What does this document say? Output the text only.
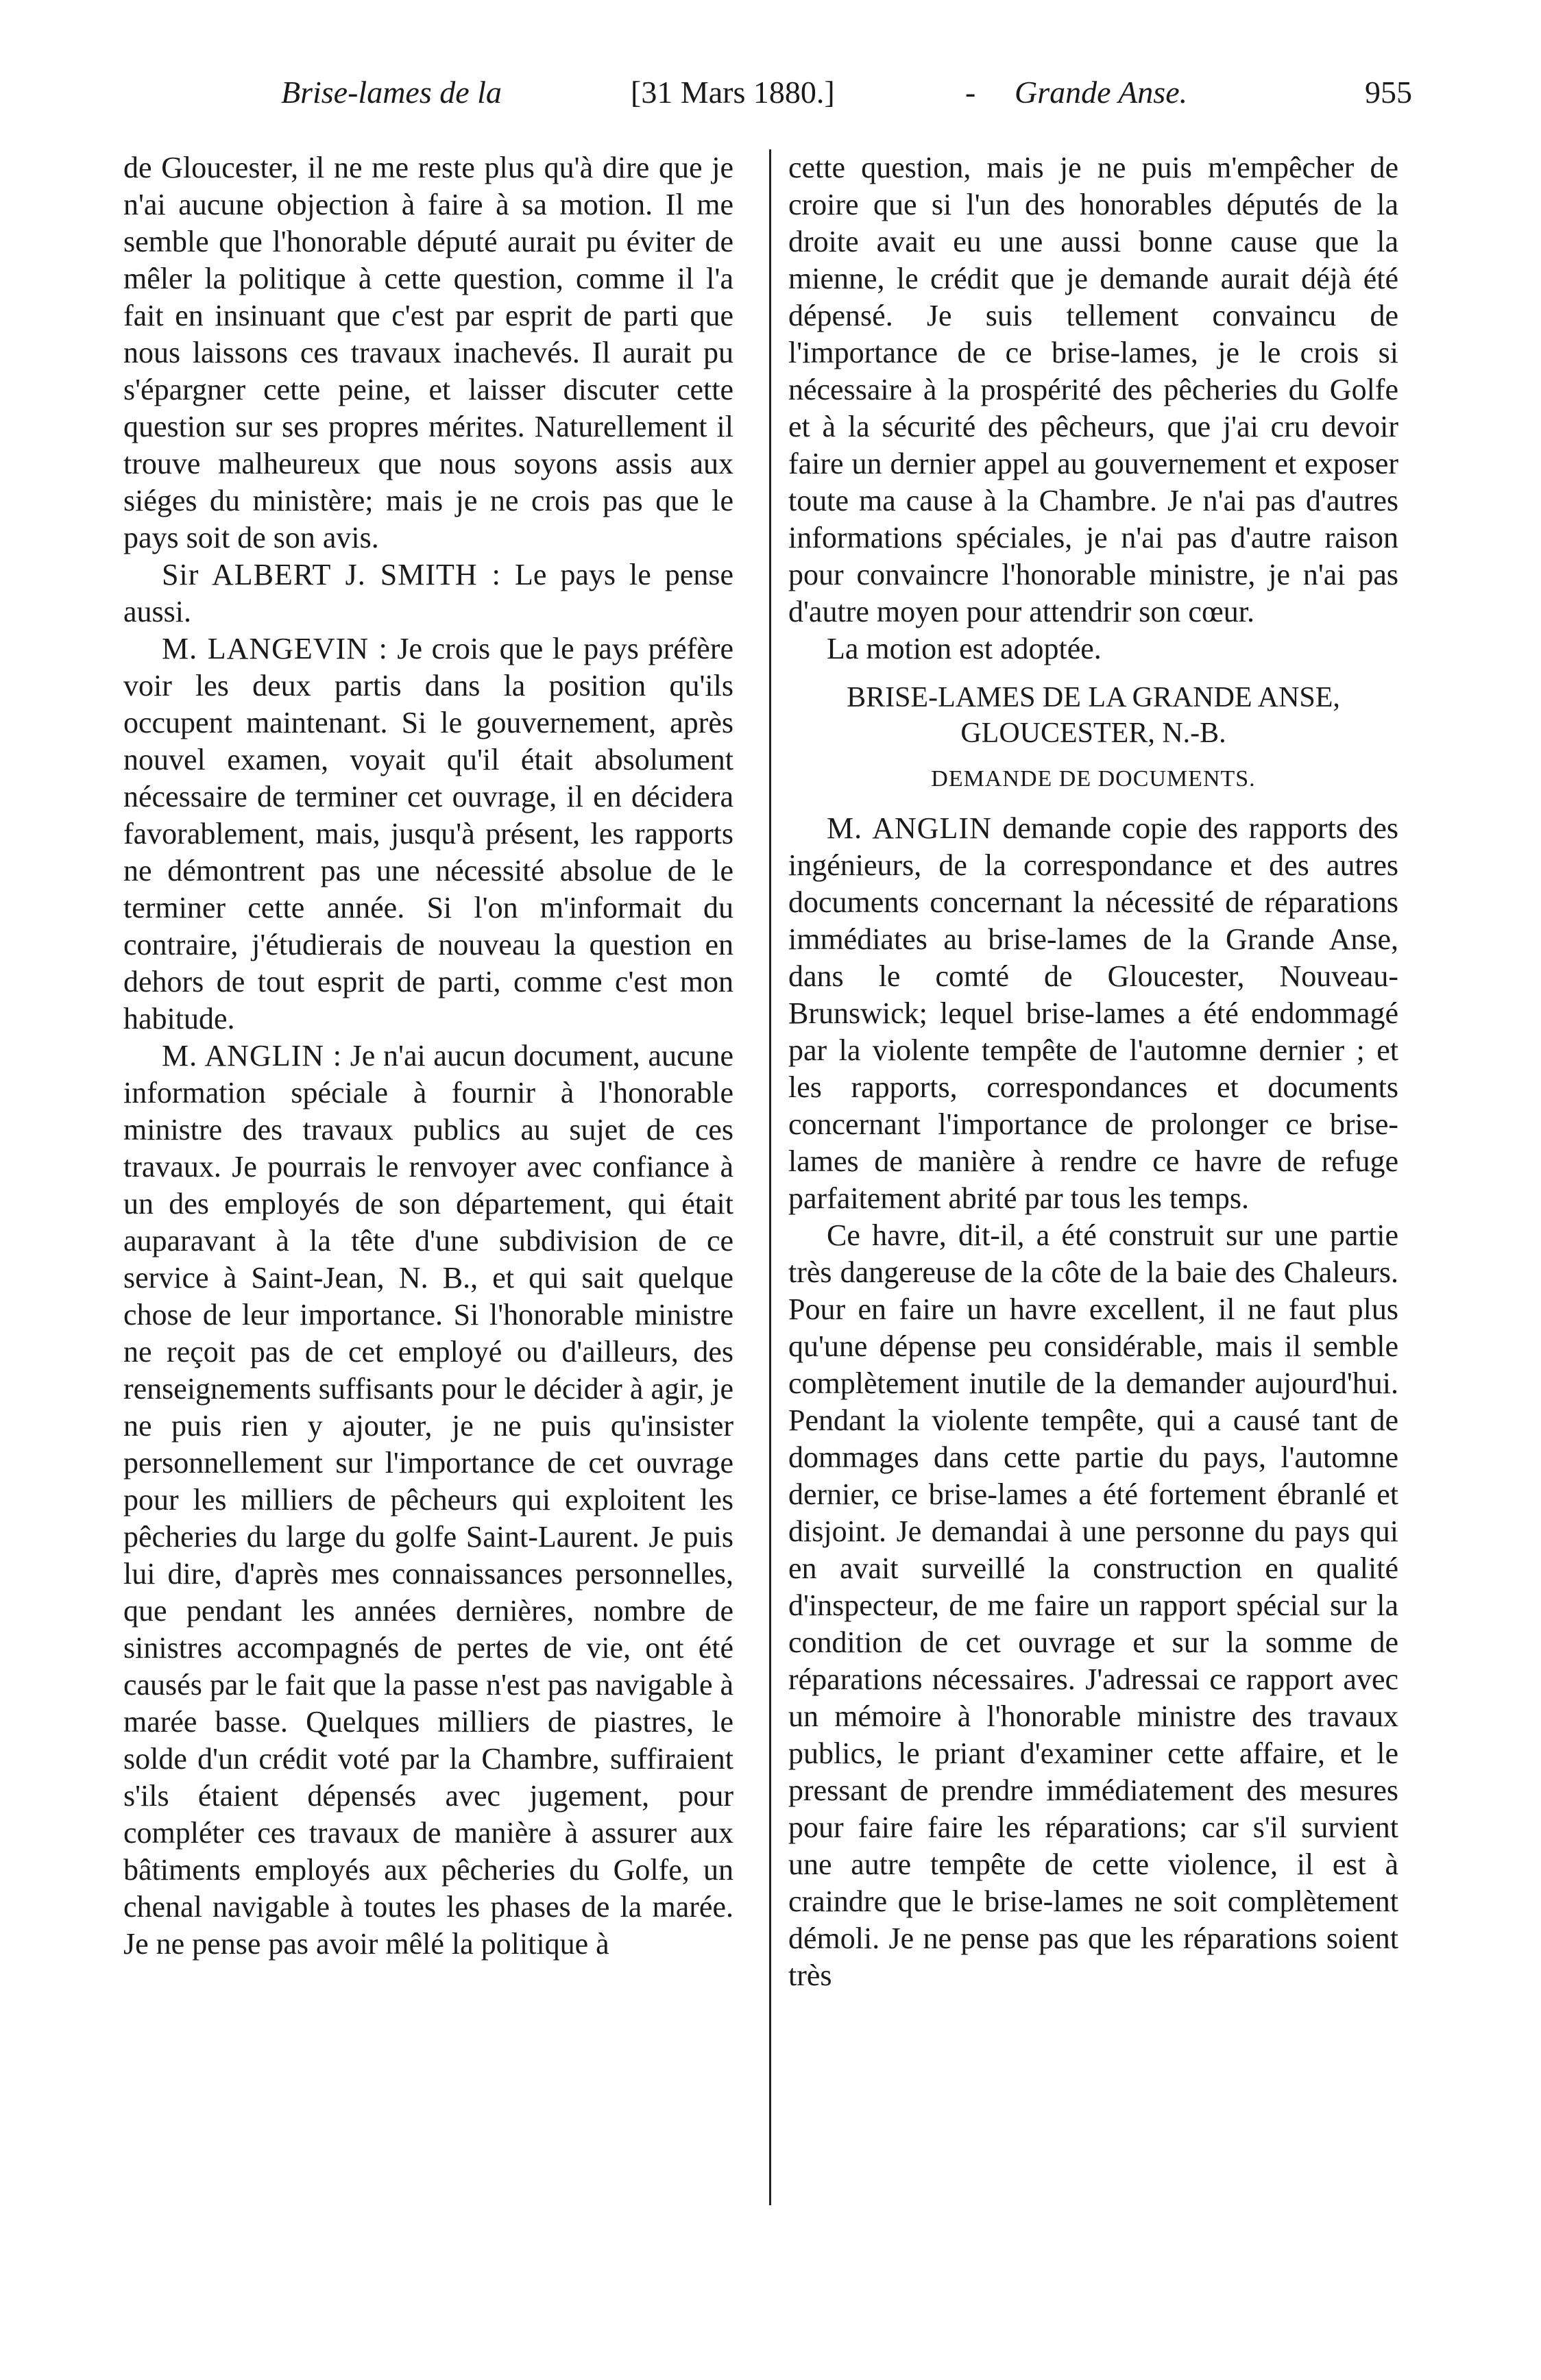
Brise-lames de la	[31 Mars 1880.]	- Grande Anse.	955

de Gloucester, il ne me reste plus qu'à dire que je n'ai aucune objection à faire à sa motion. Il me semble que l'honorable député aurait pu éviter de mêler la politique à cette question, comme il l'a fait en insinuant que c'est par esprit de parti que nous laissons ces travaux inachevés. Il aurait pu s'épargner cette peine, et laisser discuter cette question sur ses propres mérites. Naturellement il trouve malheureux que nous soyons assis aux siéges du ministère; mais je ne crois pas que le pays soit de son avis.

Sir ALBERT J. SMITH : Le pays le pense aussi.

M. LANGEVIN : Je crois que le pays préfère voir les deux partis dans la position qu'ils occupent maintenant. Si le gouvernement, après nouvel examen, voyait qu'il était absolument nécessaire de terminer cet ouvrage, il en décidera favorablement, mais, jusqu'à présent, les rapports ne démontrent pas une nécessité absolue de le terminer cette année. Si l'on m'informait du contraire, j'étudierais de nouveau la question en dehors de tout esprit de parti, comme c'est mon habitude.

M. ANGLIN : Je n'ai aucun document, aucune information spéciale à fournir à l'honorable ministre des travaux publics au sujet de ces travaux. Je pourrais le renvoyer avec confiance à un des employés de son département, qui était auparavant à la tête d'une subdivision de ce service à Saint-Jean, N. B., et qui sait quelque chose de leur importance. Si l'honorable ministre ne reçoit pas de cet employé ou d'ailleurs, des renseignements suffisants pour le décider à agir, je ne puis rien y ajouter, je ne puis qu'insister personnellement sur l'importance de cet ouvrage pour les milliers de pêcheurs qui exploitent les pêcheries du large du golfe Saint-Laurent. Je puis lui dire, d'après mes connaissances personnelles, que pendant les années dernières, nombre de sinistres accompagnés de pertes de vie, ont été causés par le fait que la passe n'est pas navigable à marée basse. Quelques milliers de piastres, le solde d'un crédit voté par la Chambre, suffiraient s'ils étaient dépensés avec jugement, pour compléter ces travaux de manière à assurer aux bâtiments employés aux pêcheries du Golfe, un chenal navigable à toutes les phases de la marée. Je ne pense pas avoir mêlé la politique à

cette question, mais je ne puis m'empêcher de croire que si l'un des honorables députés de la droite avait eu une aussi bonne cause que la mienne, le crédit que je demande aurait déjà été dépensé. Je suis tellement convaincu de l'importance de ce brise-lames, je le crois si nécessaire à la prospérité des pêcheries du Golfe et à la sécurité des pêcheurs, que j'ai cru devoir faire un dernier appel au gouvernement et exposer toute ma cause à la Chambre. Je n'ai pas d'autres informations spéciales, je n'ai pas d'autre raison pour convaincre l'honorable ministre, je n'ai pas d'autre moyen pour attendrir son cœur.

La motion est adoptée.

BRISE-LAMES DE LA GRANDE ANSE,
GLOUCESTER, N.-B.
DEMANDE DE DOCUMENTS.

M. ANGLIN demande copie des rapports des ingénieurs, de la correspondance et des autres documents concernant la nécessité de réparations immédiates au brise-lames de la Grande Anse, dans le comté de Gloucester, Nouveau-Brunswick; lequel brise-lames a été endommagé par la violente tempête de l'automne dernier ; et les rapports, correspondances et documents concernant l'importance de prolonger ce brise-lames de manière à rendre ce havre de refuge parfaitement abrité par tous les temps.

Ce havre, dit-il, a été construit sur une partie très dangereuse de la côte de la baie des Chaleurs. Pour en faire un havre excellent, il ne faut plus qu'une dépense peu considérable, mais il semble complètement inutile de la demander aujourd'hui. Pendant la violente tempête, qui a causé tant de dommages dans cette partie du pays, l'automne dernier, ce brise-lames a été fortement ébranlé et disjoint. Je demandai à une personne du pays qui en avait surveillé la construction en qualité d'inspecteur, de me faire un rapport spécial sur la condition de cet ouvrage et sur la somme de réparations nécessaires. J'adressai ce rapport avec un mémoire à l'honorable ministre des travaux publics, le priant d'examiner cette affaire, et le pressant de prendre immédiatement des mesures pour faire faire les réparations; car s'il survient une autre tempête de cette violence, il est à craindre que le brise-lames ne soit complètement démoli. Je ne pense pas que les réparations soient très
